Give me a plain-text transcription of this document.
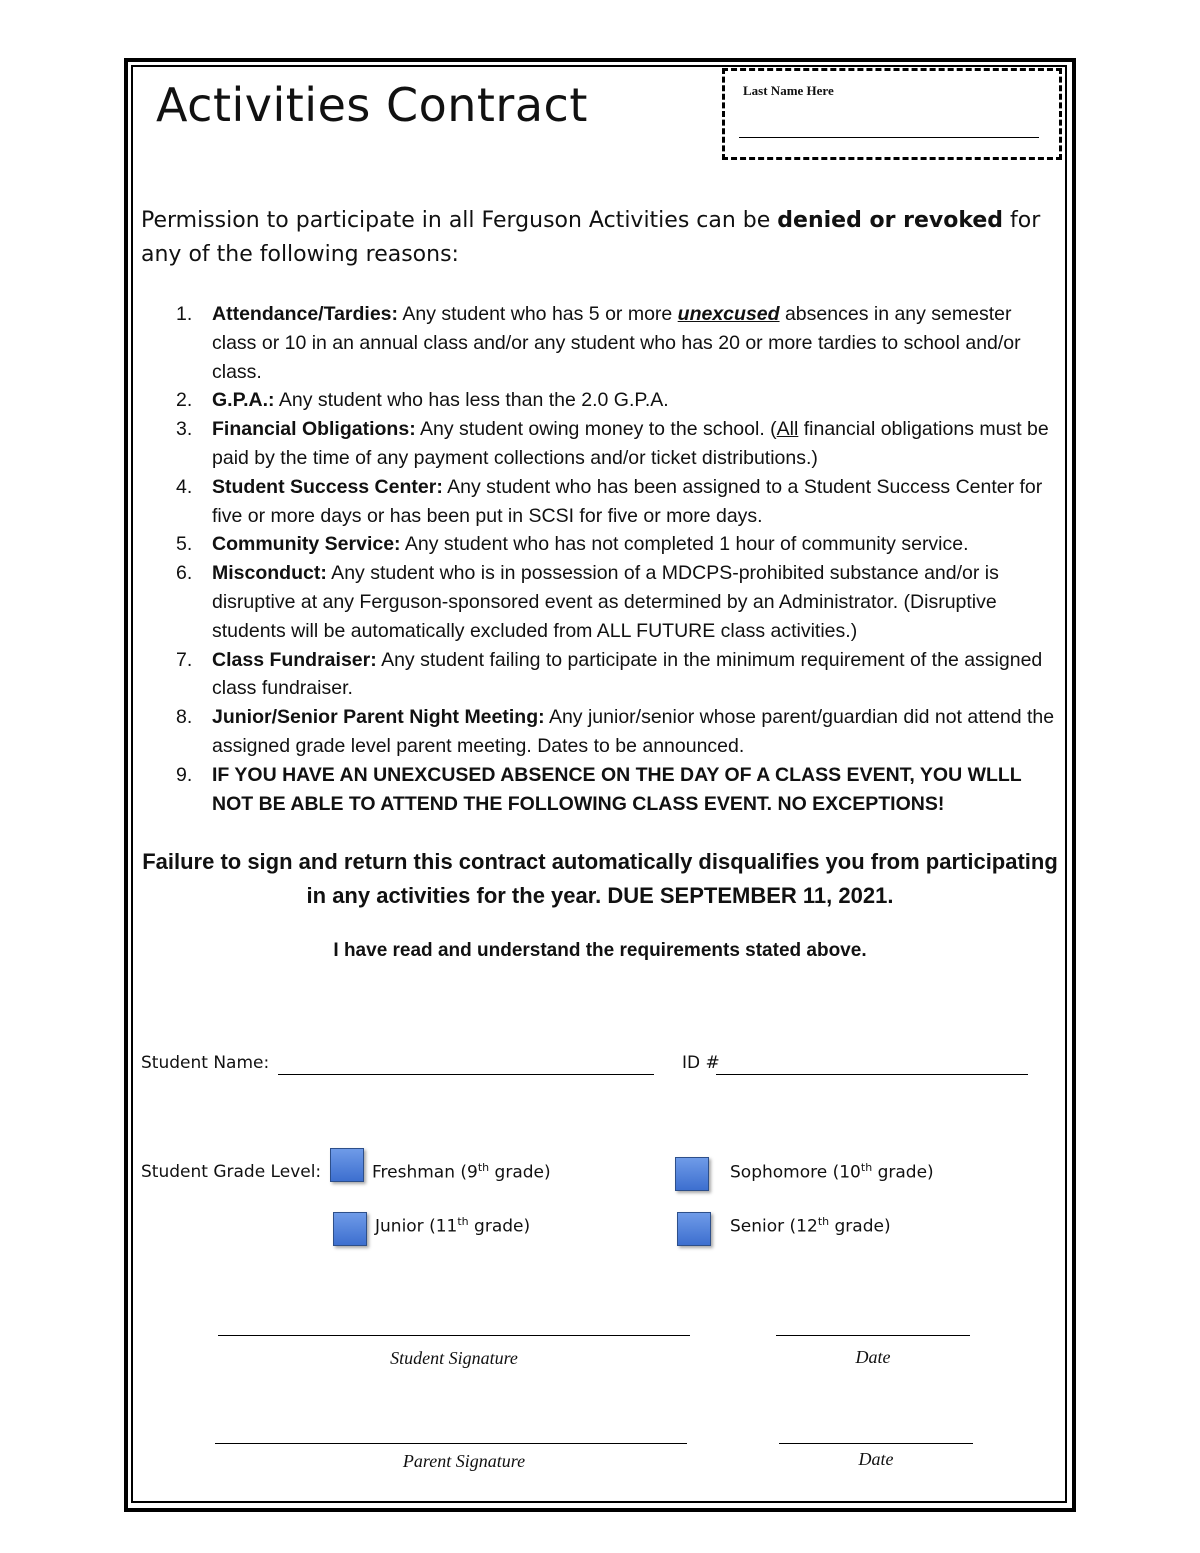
Activities Contract	Last Name Here
Permission to participate in all Ferguson Activities can be denied or revoked for any of the following reasons:
1. Attendance/Tardies: Any student who has 5 or more unexcused absences in any semester class or 10 in an annual class and/or any student who has 20 or more tardies to school and/or class.
2. G.P.A.: Any student who has less than the 2.0 G.P.A.
3. Financial Obligations: Any student owing money to the school. (All financial obligations must be paid by the time of any payment collections and/or ticket distributions.)
4. Student Success Center: Any student who has been assigned to a Student Success Center for five or more days or has been put in SCSI for five or more days.
5. Community Service: Any student who has not completed 1 hour of community service.
6. Misconduct: Any student who is in possession of a MDCPS-prohibited substance and/or is disruptive at any Ferguson-sponsored event as determined by an Administrator. (Disruptive students will be automatically excluded from ALL FUTURE class activities.)
7. Class Fundraiser: Any student failing to participate in the minimum requirement of the assigned class fundraiser.
8. Junior/Senior Parent Night Meeting: Any junior/senior whose parent/guardian did not attend the assigned grade level parent meeting. Dates to be announced.
9. IF YOU HAVE AN UNEXCUSED ABSENCE ON THE DAY OF A CLASS EVENT, YOU WLLL NOT BE ABLE TO ATTEND THE FOLLOWING CLASS EVENT. NO EXCEPTIONS!
Failure to sign and return this contract automatically disqualifies you from participating in any activities for the year. DUE SEPTEMBER 11, 2021.
I have read and understand the requirements stated above.
Student Name:	ID #
Student Grade Level:	Freshman (9th grade)	Sophomore (10th grade)
Junior (11th grade)	Senior (12th grade)
Student Signature	Date
Parent Signature	Date
